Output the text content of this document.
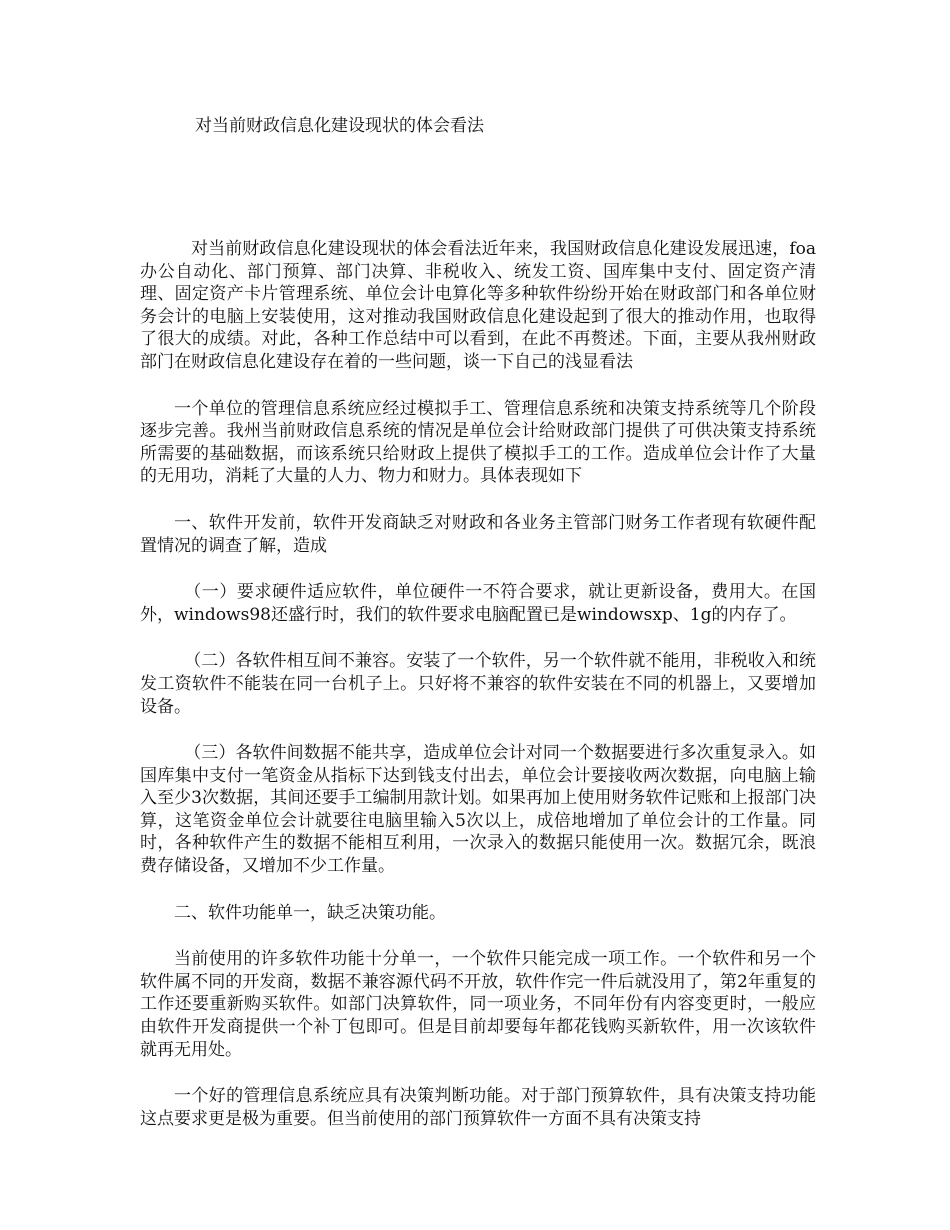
对当前财政信息化建设现状的体会看法

对当前财政信息化建设现状的体会看法近年来，我国财政信息化建设发展迅速，foa办公自动化、部门预算、部门决算、非税收入、统发工资、国库集中支付、固定资产清理、固定资产卡片管理系统、单位会计电算化等多种软件纷纷开始在财政部门和各单位财务会计的电脑上安装使用，这对推动我国财政信息化建设起到了很大的推动作用，也取得了很大的成绩。对此，各种工作总结中可以看到，在此不再赘述。下面，主要从我州财政部门在财政信息化建设存在着的一些问题，谈一下自己的浅显看法

一个单位的管理信息系统应经过模拟手工、管理信息系统和决策支持系统等几个阶段逐步完善。我州当前财政信息系统的情况是单位会计给财政部门提供了可供决策支持系统所需要的基础数据，而该系统只给财政上提供了模拟手工的工作。造成单位会计作了大量的无用功，消耗了大量的人力、物力和财力。具体表现如下

一、软件开发前，软件开发商缺乏对财政和各业务主管部门财务工作者现有软硬件配置情况的调查了解，造成

（一）要求硬件适应软件，单位硬件一不符合要求，就让更新设备，费用大。在国外，windows98还盛行时，我们的软件要求电脑配置已是windowsxp、1g的内存了。

（二）各软件相互间不兼容。安装了一个软件，另一个软件就不能用，非税收入和统发工资软件不能装在同一台机子上。只好将不兼容的软件安装在不同的机器上，又要增加设备。

（三）各软件间数据不能共享，造成单位会计对同一个数据要进行多次重复录入。如国库集中支付一笔资金从指标下达到钱支付出去，单位会计要接收两次数据，向电脑上输入至少3次数据，其间还要手工编制用款计划。如果再加上使用财务软件记账和上报部门决算，这笔资金单位会计就要往电脑里输入5次以上，成倍地增加了单位会计的工作量。同时，各种软件产生的数据不能相互利用，一次录入的数据只能使用一次。数据冗余，既浪费存储设备，又增加不少工作量。

二、软件功能单一，缺乏决策功能。

当前使用的许多软件功能十分单一，一个软件只能完成一项工作。一个软件和另一个软件属不同的开发商，数据不兼容源代码不开放，软件作完一件后就没用了，第2年重复的工作还要重新购买软件。如部门决算软件，同一项业务，不同年份有内容变更时，一般应由软件开发商提供一个补丁包即可。但是目前却要每年都花钱购买新软件，用一次该软件就再无用处。

一个好的管理信息系统应具有决策判断功能。对于部门预算软件，具有决策支持功能这点要求更是极为重要。但当前使用的部门预算软件一方面不具有决策支持
